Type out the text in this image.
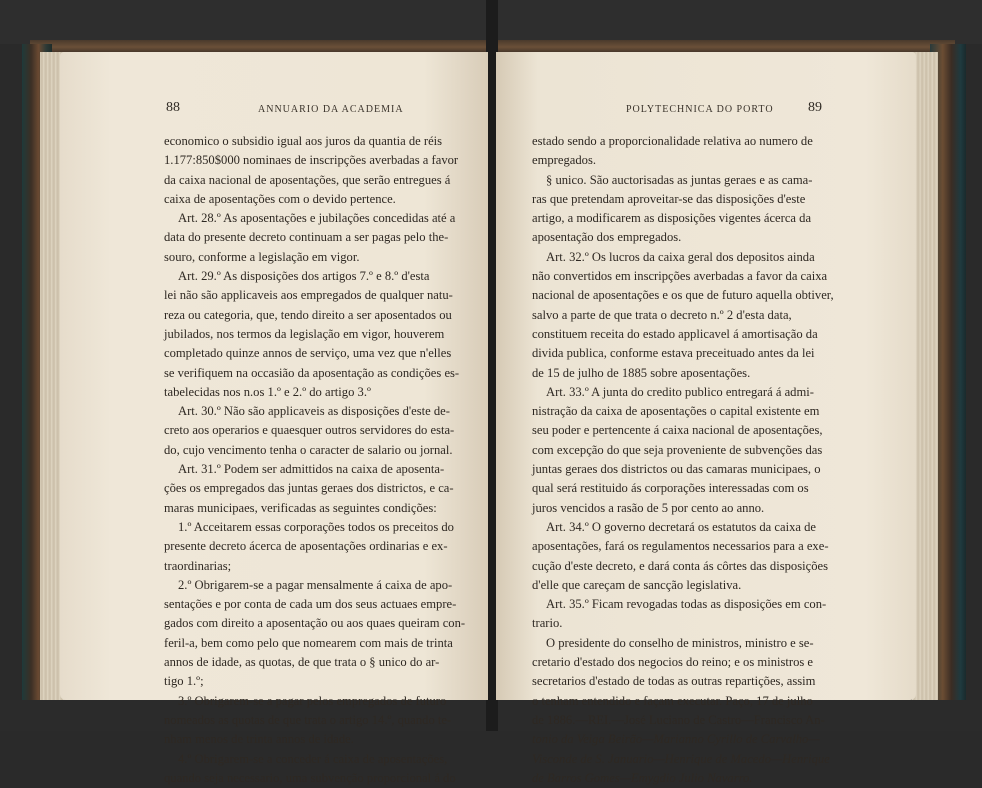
88	ANNUARIO DA ACADEMIA

economico o subsidio igual aos juros da quantia de réis

1.177:850$000 nominaes de inscripções averbadas a favor

da caixa nacional de aposentações, que serão entregues á

caixa de aposentações com o devido pertence.

Art. 28.º As aposentações e jubilações concedidas até a

data do presente decreto continuam a ser pagas pelo the-

souro, conforme a legislação em vigor.

Art. 29.º As disposições dos artigos 7.º e 8.º d'esta

lei não são applicaveis aos empregados de qualquer natu-

reza ou categoria, que, tendo direito a ser aposentados ou

jubilados, nos termos da legislação em vigor, houverem

completado quinze annos de serviço, uma vez que n'elles

se verifiquem na occasião da aposentação as condições es-

tabelecidas nos n.os 1.º e 2.º do artigo 3.º

Art. 30.º Não são applicaveis as disposições d'este de-

creto aos operarios e quaesquer outros servidores do esta-

do, cujo vencimento tenha o caracter de salario ou jornal.

Art. 31.º Podem ser admittidos na caixa de aposenta-

ções os empregados das juntas geraes dos districtos, e ca-

maras municipaes, verificadas as seguintes condições:

1.º Acceitarem essas corporações todos os preceitos do

presente decreto ácerca de aposentações ordinarias e ex-

traordinarias;

2.º Obrigarem-se a pagar mensalmente á caixa de apo-

sentações e por conta de cada um dos seus actuaes empre-

gados com direito a aposentação ou aos quaes queiram con-

feril-a, bem como pelo que nomearem com mais de trinta

annos de idade, as quotas, de que trata o § unico do ar-

tigo 1.º;

3.º Obrigarem-se a pagar pelos empregados de futuro

nomeados as quotas de que trata o artigo 14.º, quando te-

nham menos de trinta annos de idade.

4.º Obrigarem-se a conceder á caixa de aposentações,

quando seja necessario, uma subvenção proporcional á do

POLYTECHNICA DO PORTO 89

estado sendo a proporcionalidade relativa ao numero de

empregados.

§ unico. São auctorisadas as juntas geraes e as cama-

ras que pretendam aproveitar-se das disposições d'este

artigo, a modificarem as disposições vigentes ácerca da

aposentação dos empregados.

Art. 32.º Os lucros da caixa geral dos depositos ainda

não convertidos em inscripções averbadas a favor da caixa

nacional de aposentações e os que de futuro aquella obtiver,

salvo a parte de que trata o decreto n.º 2 d'esta data,

constituem receita do estado applicavel á amortisação da

divida publica, conforme estava preceituado antes da lei

de 15 de julho de 1885 sobre aposentações.

Art. 33.º A junta do credito publico entregará á admi-

nistração da caixa de aposentações o capital existente em

seu poder e pertencente á caixa nacional de aposentações,

com excepção do que seja proveniente de subvenções das

juntas geraes dos districtos ou das camaras municipaes, o

qual será restituido ás corporações interessadas com os

juros vencidos a rasão de 5 por cento ao anno.

Art. 34.º O governo decretará os estatutos da caixa de

aposentações, fará os regulamentos necessarios para a exe-

cução d'este decreto, e dará conta ás côrtes das disposições

d'elle que careçam de sancção legislativa.

Art. 35.º Ficam revogadas todas as disposições em con-

trario.

O presidente do conselho de ministros, ministro e se-

cretario d'estado dos negocios do reino; e os ministros e

secretarios d'estado de todas as outras repartições, assim

o tenham entendido e façam executar. Paço, 17 de julho

de 1886.—REI.—José Luciano de Castro—Francisco An-

tonio da Veiga Beirão—Marianno Cyrillo de Carvalho—

Visconde de S. Januario—Henrique de Macedo—Henrique

de Barros Gomes—Emygdio Julio Navarro.
